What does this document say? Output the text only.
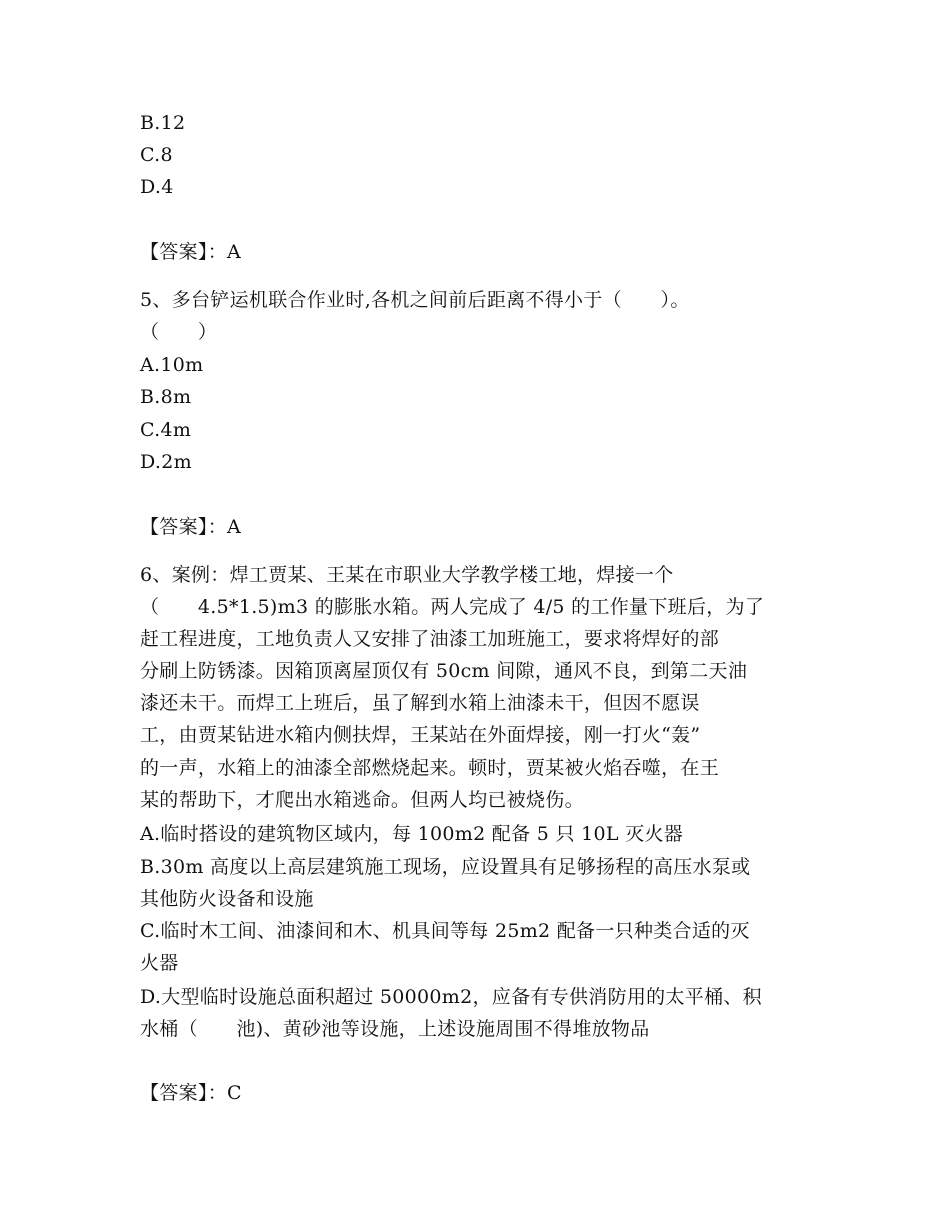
B.12
C.8
D.4
【答案】：A
5、多台铲运机联合作业时,各机之间前后距离不得小于（　　）。
（　　）
A.10m
B.8m
C.4m
D.2m
【答案】：A
6、案例：焊工贾某、王某在市职业大学教学楼工地，焊接一个
（　　4.5*1.5)m3 的膨胀水箱。两人完成了 4/5 的工作量下班后，为了
赶工程进度，工地负责人又安排了油漆工加班施工，要求将焊好的部
分刷上防锈漆。因箱顶离屋顶仅有 50cm 间隙，通风不良，到第二天油
漆还未干。而焊工上班后，虽了解到水箱上油漆未干，但因不愿误
工，由贾某钻进水箱内侧扶焊，王某站在外面焊接，刚一打火“轰”
的一声，水箱上的油漆全部燃烧起来。顿时，贾某被火焰吞噬，在王
某的帮助下，才爬出水箱逃命。但两人均已被烧伤。
A.临时搭设的建筑物区域内，每 100m2 配备 5 只 10L 灭火器
B.30m 高度以上高层建筑施工现场，应设置具有足够扬程的高压水泵或
其他防火设备和设施
C.临时木工间、油漆间和木、机具间等每 25m2 配备一只种类合适的灭
火器
D.大型临时设施总面积超过 50000m2，应备有专供消防用的太平桶、积
水桶（　　池)、黄砂池等设施，上述设施周围不得堆放物品
【答案】：C
